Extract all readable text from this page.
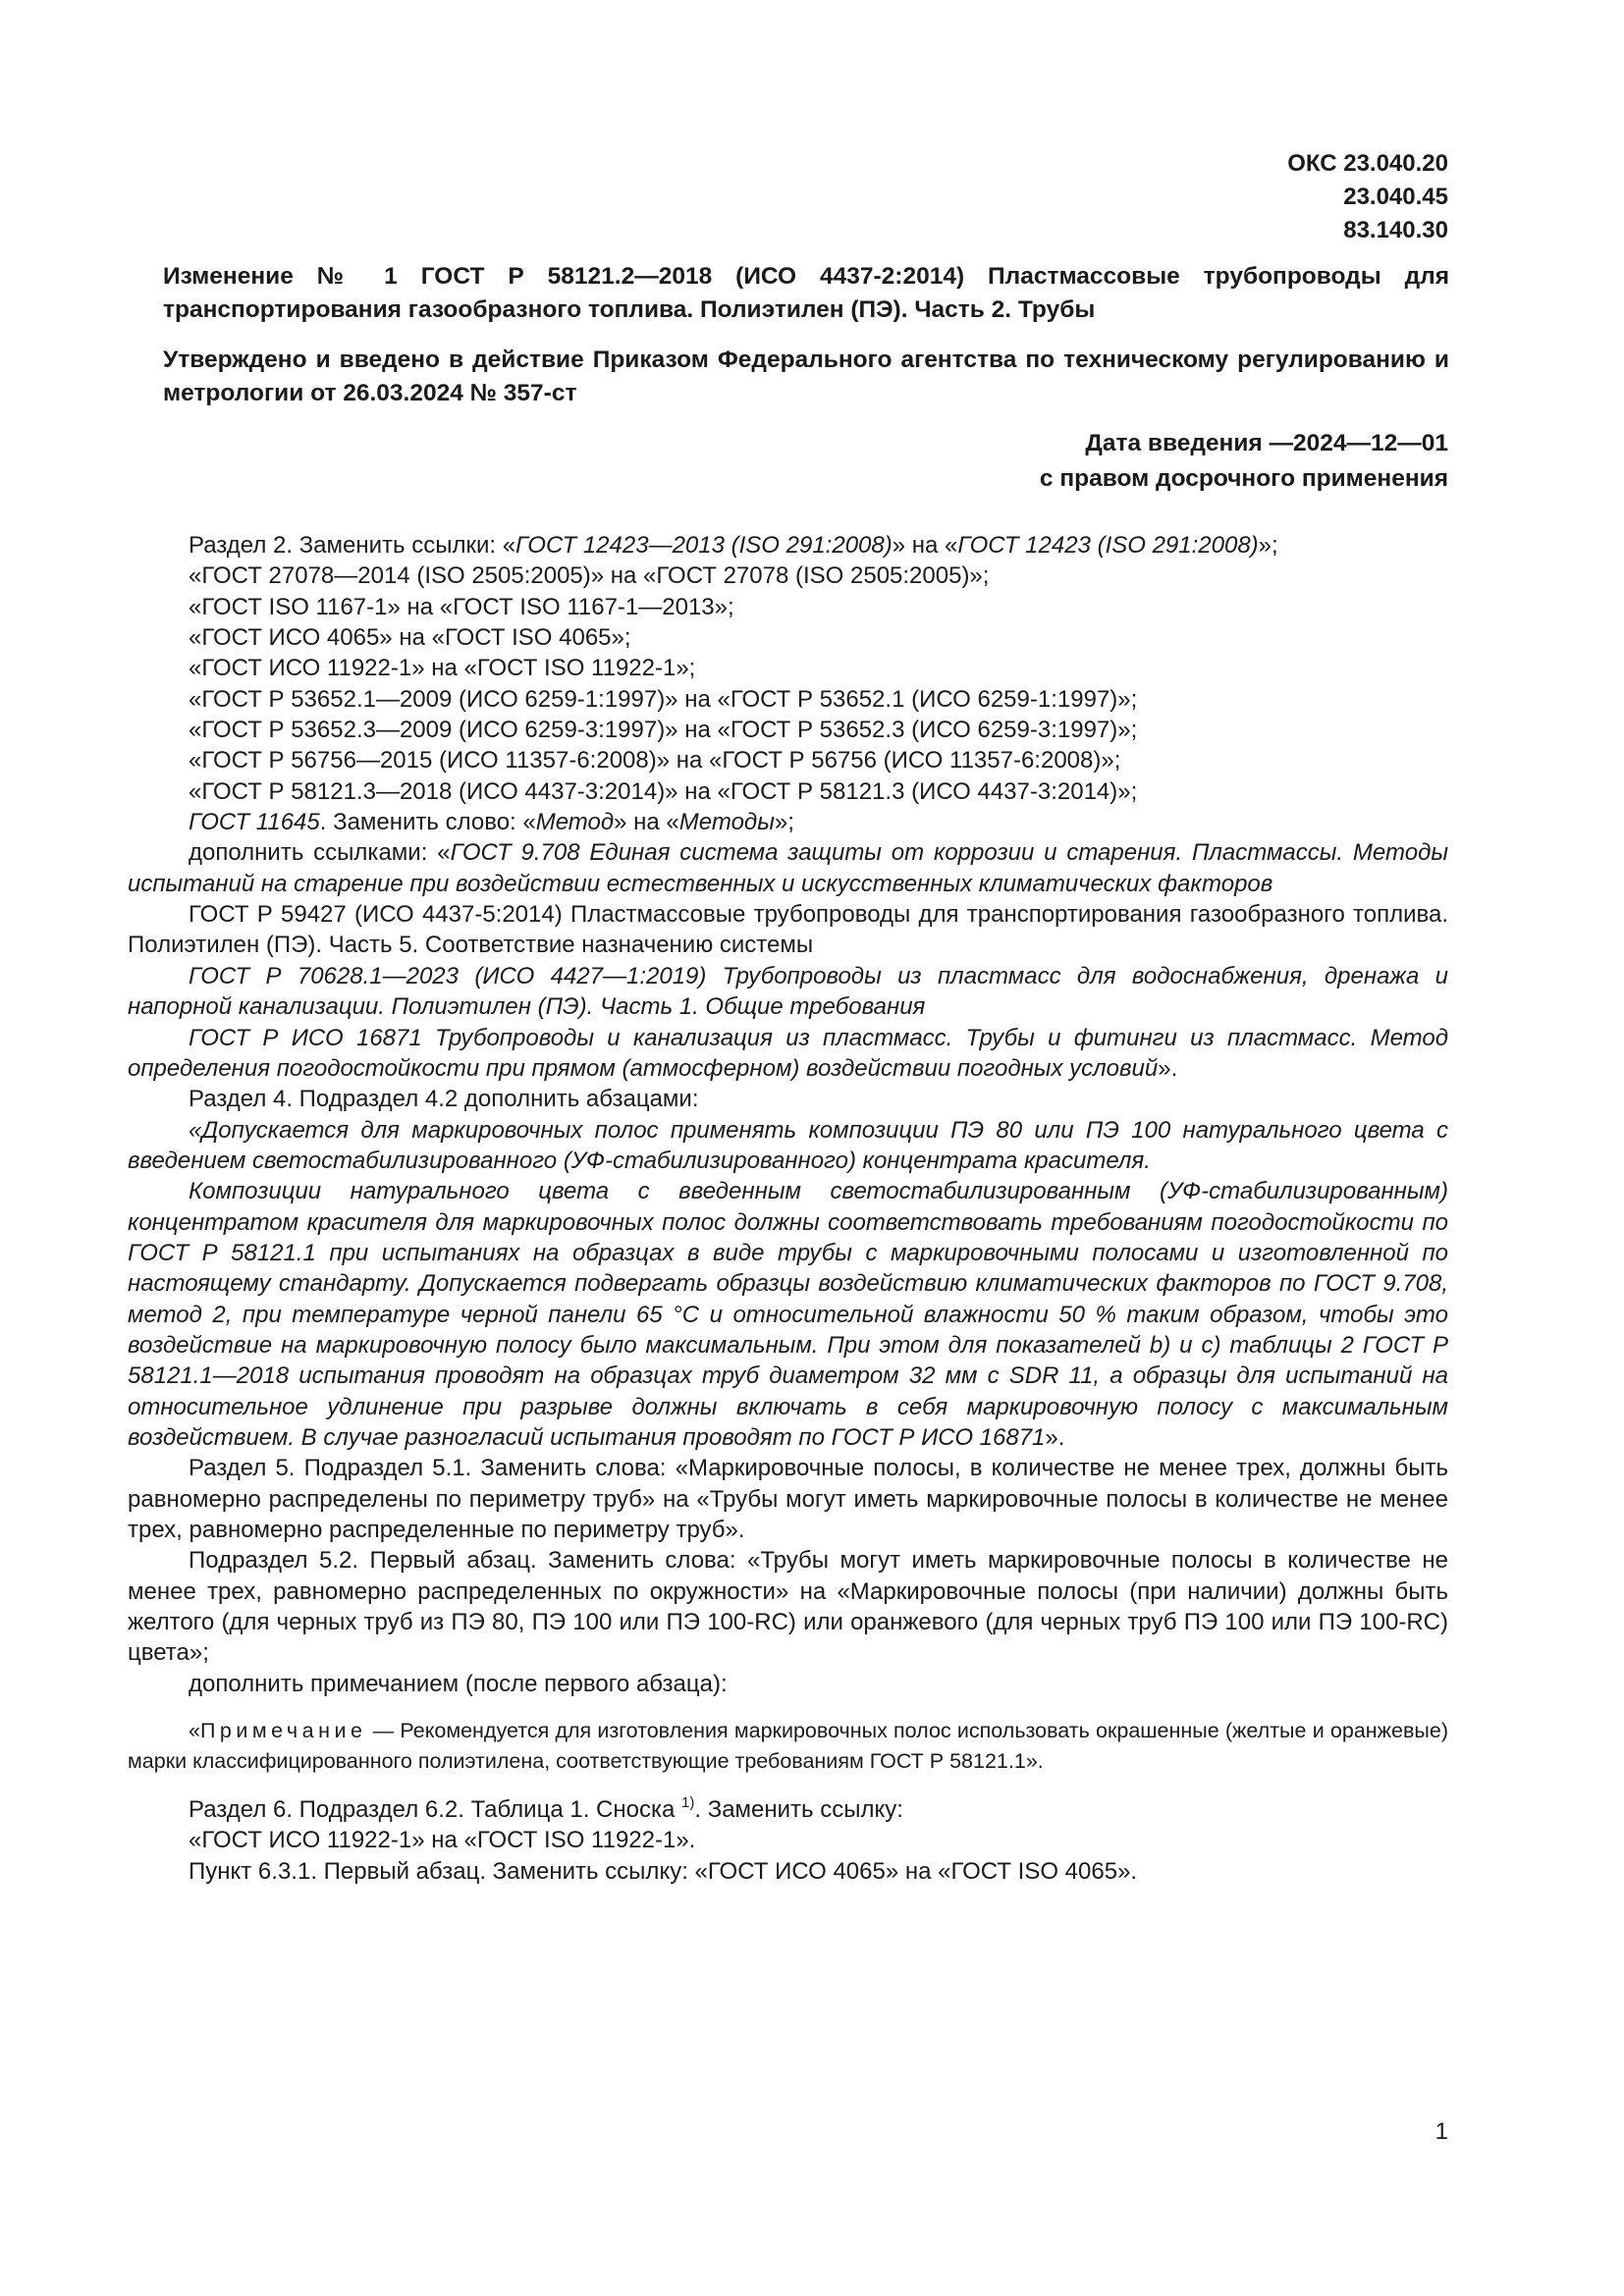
ОКС 23.040.20
23.040.45
83.140.30
Изменение № 1 ГОСТ Р 58121.2—2018 (ИСО 4437-2:2014) Пластмассовые трубопроводы для транспортирования газообразного топлива. Полиэтилен (ПЭ). Часть 2. Трубы
Утверждено и введено в действие Приказом Федерального агентства по техническому регулированию и метрологии от 26.03.2024 № 357-ст
Дата введения —2024—12—01
с правом досрочного применения

Раздел 2. Заменить ссылки: «ГОСТ 12423—2013 (ISO 291:2008)» на «ГОСТ 12423 (ISO 291:2008)»;

«ГОСТ 27078—2014 (ISO 2505:2005)» на «ГОСТ 27078 (ISO 2505:2005)»;

«ГОСТ ISO 1167-1» на «ГОСТ ISO 1167-1—2013»;

«ГОСТ ИСО 4065» на «ГОСТ ISO 4065»;

«ГОСТ ИСО 11922-1» на «ГОСТ ISO 11922-1»;

«ГОСТ Р 53652.1—2009 (ИСО 6259-1:1997)» на «ГОСТ Р 53652.1 (ИСО 6259-1:1997)»;

«ГОСТ Р 53652.3—2009 (ИСО 6259-3:1997)» на «ГОСТ Р 53652.3 (ИСО 6259-3:1997)»;

«ГОСТ Р 56756—2015 (ИСО 11357-6:2008)» на «ГОСТ Р 56756 (ИСО 11357-6:2008)»;

«ГОСТ Р 58121.3—2018 (ИСО 4437-3:2014)» на «ГОСТ Р 58121.3 (ИСО 4437-3:2014)»;

ГОСТ 11645. Заменить слово: «Метод» на «Методы»;

дополнить ссылками: «ГОСТ 9.708 Единая система защиты от коррозии и старения. Пластмассы. Методы испытаний на старение при воздействии естественных и искусственных климатических факторов

ГОСТ Р 59427 (ИСО 4437-5:2014) Пластмассовые трубопроводы для транспортирования газообразного топлива. Полиэтилен (ПЭ). Часть 5. Соответствие назначению системы

ГОСТ Р 70628.1—2023 (ИСО 4427—1:2019) Трубопроводы из пластмасс для водоснабжения, дренажа и напорной канализации. Полиэтилен (ПЭ). Часть 1. Общие требования

ГОСТ Р ИСО 16871 Трубопроводы и канализация из пластмасс. Трубы и фитинги из пластмасс. Метод определения погодостойкости при прямом (атмосферном) воздействии погодных условий».

Раздел 4. Подраздел 4.2 дополнить абзацами:

«Допускается для маркировочных полос применять композиции ПЭ 80 или ПЭ 100 натурального цвета с введением светостабилизированного (УФ-стабилизированного) концентрата красителя.

Композиции натурального цвета с введенным светостабилизированным (УФ-стабилизированным) концентратом красителя для маркировочных полос должны соответствовать требованиям погодостойкости по ГОСТ Р 58121.1 при испытаниях на образцах в виде трубы с маркировочными полосами и изготовленной по настоящему стандарту. Допускается подвергать образцы воздействию климатических факторов по ГОСТ 9.708, метод 2, при температуре черной панели 65 °С и относительной влажности 50 % таким образом, чтобы это воздействие на маркировочную полосу было максимальным. При этом для показателей b) и с) таблицы 2 ГОСТ Р 58121.1—2018 испытания проводят на образцах труб диаметром 32 мм с SDR 11, а образцы для испытаний на относительное удлинение при разрыве должны включать в себя маркировочную полосу с максимальным воздействием. В случае разногласий испытания проводят по ГОСТ Р ИСО 16871».

Раздел 5. Подраздел 5.1. Заменить слова: «Маркировочные полосы, в количестве не менее трех, должны быть равномерно распределены по периметру труб» на «Трубы могут иметь маркировочные полосы в количестве не менее трех, равномерно распределенные по периметру труб».

Подраздел 5.2. Первый абзац. Заменить слова: «Трубы могут иметь маркировочные полосы в количестве не менее трех, равномерно распределенных по окружности» на «Маркировочные полосы (при наличии) должны быть желтого (для черных труб из ПЭ 80, ПЭ 100 или ПЭ 100-RC) или оранжевого (для черных труб ПЭ 100 или ПЭ 100-RC) цвета»;

дополнить примечанием (после первого абзаца):

«Примечание — Рекомендуется для изготовления маркировочных полос использовать окрашенные (желтые и оранжевые) марки классифицированного полиэтилена, соответствующие требованиям ГОСТ Р 58121.1».

Раздел 6. Подраздел 6.2. Таблица 1. Сноска $^{1)}$. Заменить ссылку:

«ГОСТ ИСО 11922-1» на «ГОСТ ISO 11922-1».

Пункт 6.3.1. Первый абзац. Заменить ссылку: «ГОСТ ИСО 4065» на «ГОСТ ISO 4065».

1
